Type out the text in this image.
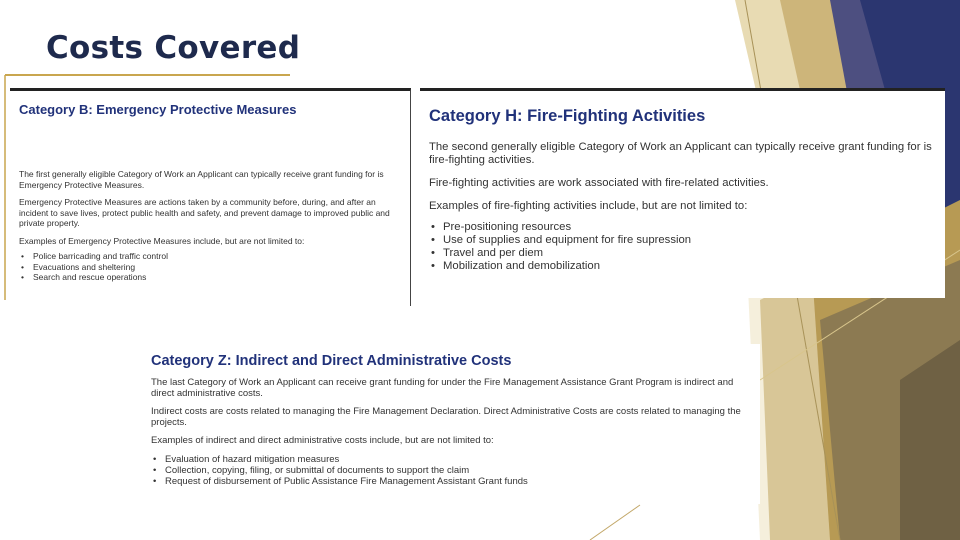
Costs Covered
Category B: Emergency Protective Measures

The first generally eligible Category of Work an Applicant can typically receive grant funding for is Emergency Protective Measures.

Emergency Protective Measures are actions taken by a community before, during, and after an incident to save lives, protect public health and safety, and prevent damage to improved public and private property.

Examples of Emergency Protective Measures include, but are not limited to:

• Police barricading and traffic control
• Evacuations and sheltering
• Search and rescue operations
Category H: Fire-Fighting Activities

The second generally eligible Category of Work an Applicant can typically receive grant funding for is fire-fighting activities.

Fire-fighting activities are work associated with fire-related activities.

Examples of fire-fighting activities include, but are not limited to:

• Pre-positioning resources
• Use of supplies and equipment for fire supression
• Travel and per diem
• Mobilization and demobilization
Category Z: Indirect and Direct Administrative Costs

The last Category of Work an Applicant can receive grant funding for under the Fire Management Assistance Grant Program is indirect and direct administrative costs.

Indirect costs are costs related to managing the Fire Management Declaration. Direct Administrative Costs are costs related to managing the projects.

Examples of indirect and direct administrative costs include, but are not limited to:

• Evaluation of hazard mitigation measures
• Collection, copying, filing, or submittal of documents to support the claim
• Request of disbursement of Public Assistance Fire Management Assistant Grant funds
